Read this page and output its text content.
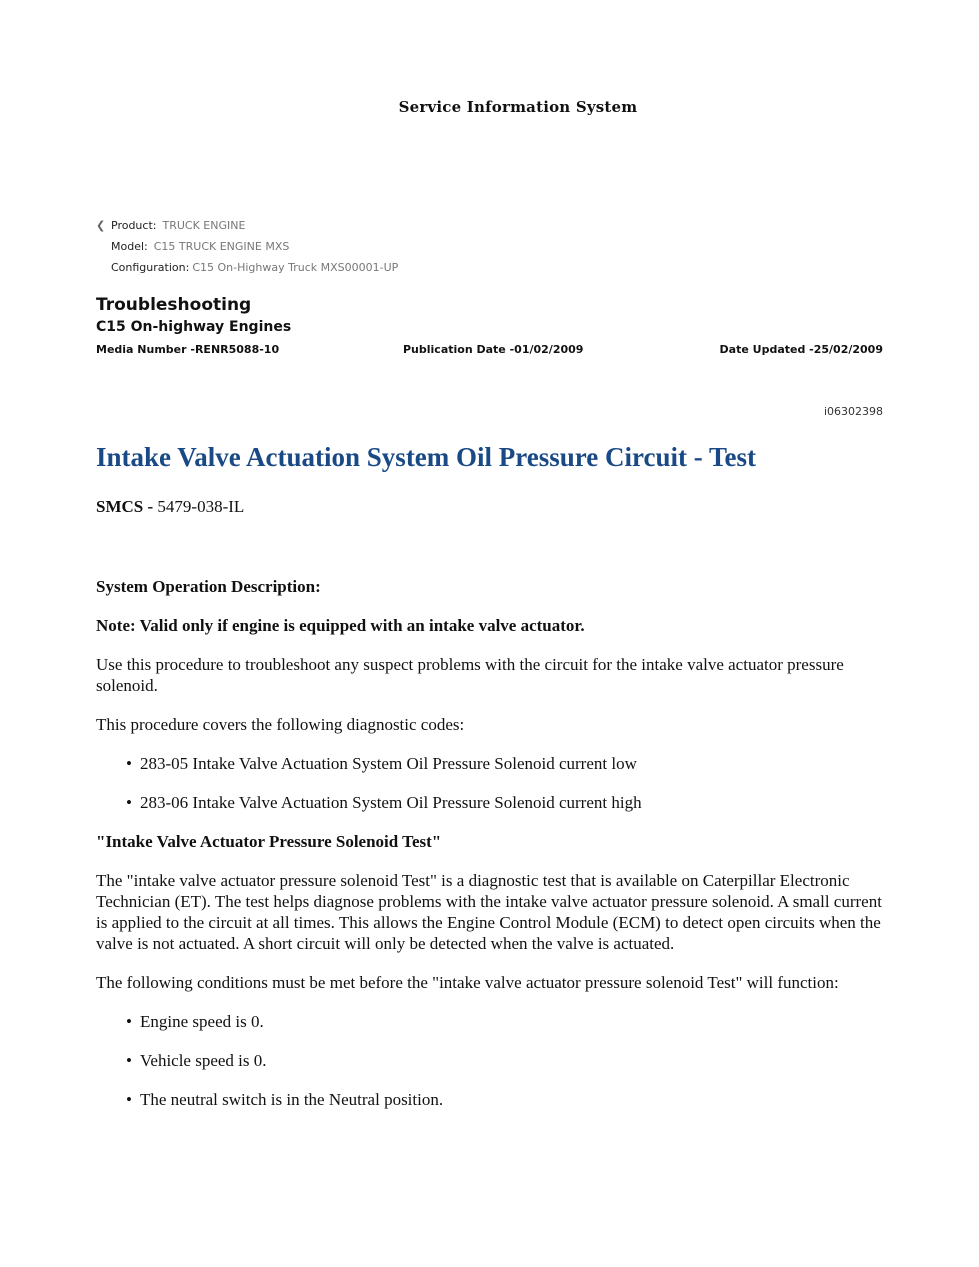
Service Information System
❮ Product: TRUCK ENGINE
Model: C15 TRUCK ENGINE MXS
Configuration: C15 On-Highway Truck MXS00001-UP
Troubleshooting
C15 On-highway Engines
Media Number -RENR5088-10	Publication Date -01/02/2009	Date Updated -25/02/2009
i06302398
Intake Valve Actuation System Oil Pressure Circuit - Test
SMCS - 5479-038-IL

System Operation Description:

Note: Valid only if engine is equipped with an intake valve actuator.

Use this procedure to troubleshoot any suspect problems with the circuit for the intake valve actuator pressure solenoid.

This procedure covers the following diagnostic codes:

• 283-05 Intake Valve Actuation System Oil Pressure Solenoid current low
• 283-06 Intake Valve Actuation System Oil Pressure Solenoid current high

"Intake Valve Actuator Pressure Solenoid Test"

The "intake valve actuator pressure solenoid Test" is a diagnostic test that is available on Caterpillar Electronic Technician (ET). The test helps diagnose problems with the intake valve actuator pressure solenoid. A small current is applied to the circuit at all times. This allows the Engine Control Module (ECM) to detect open circuits when the valve is not actuated. A short circuit will only be detected when the valve is actuated.

The following conditions must be met before the "intake valve actuator pressure solenoid Test" will function:

• Engine speed is 0.
• Vehicle speed is 0.
• The neutral switch is in the Neutral position.
